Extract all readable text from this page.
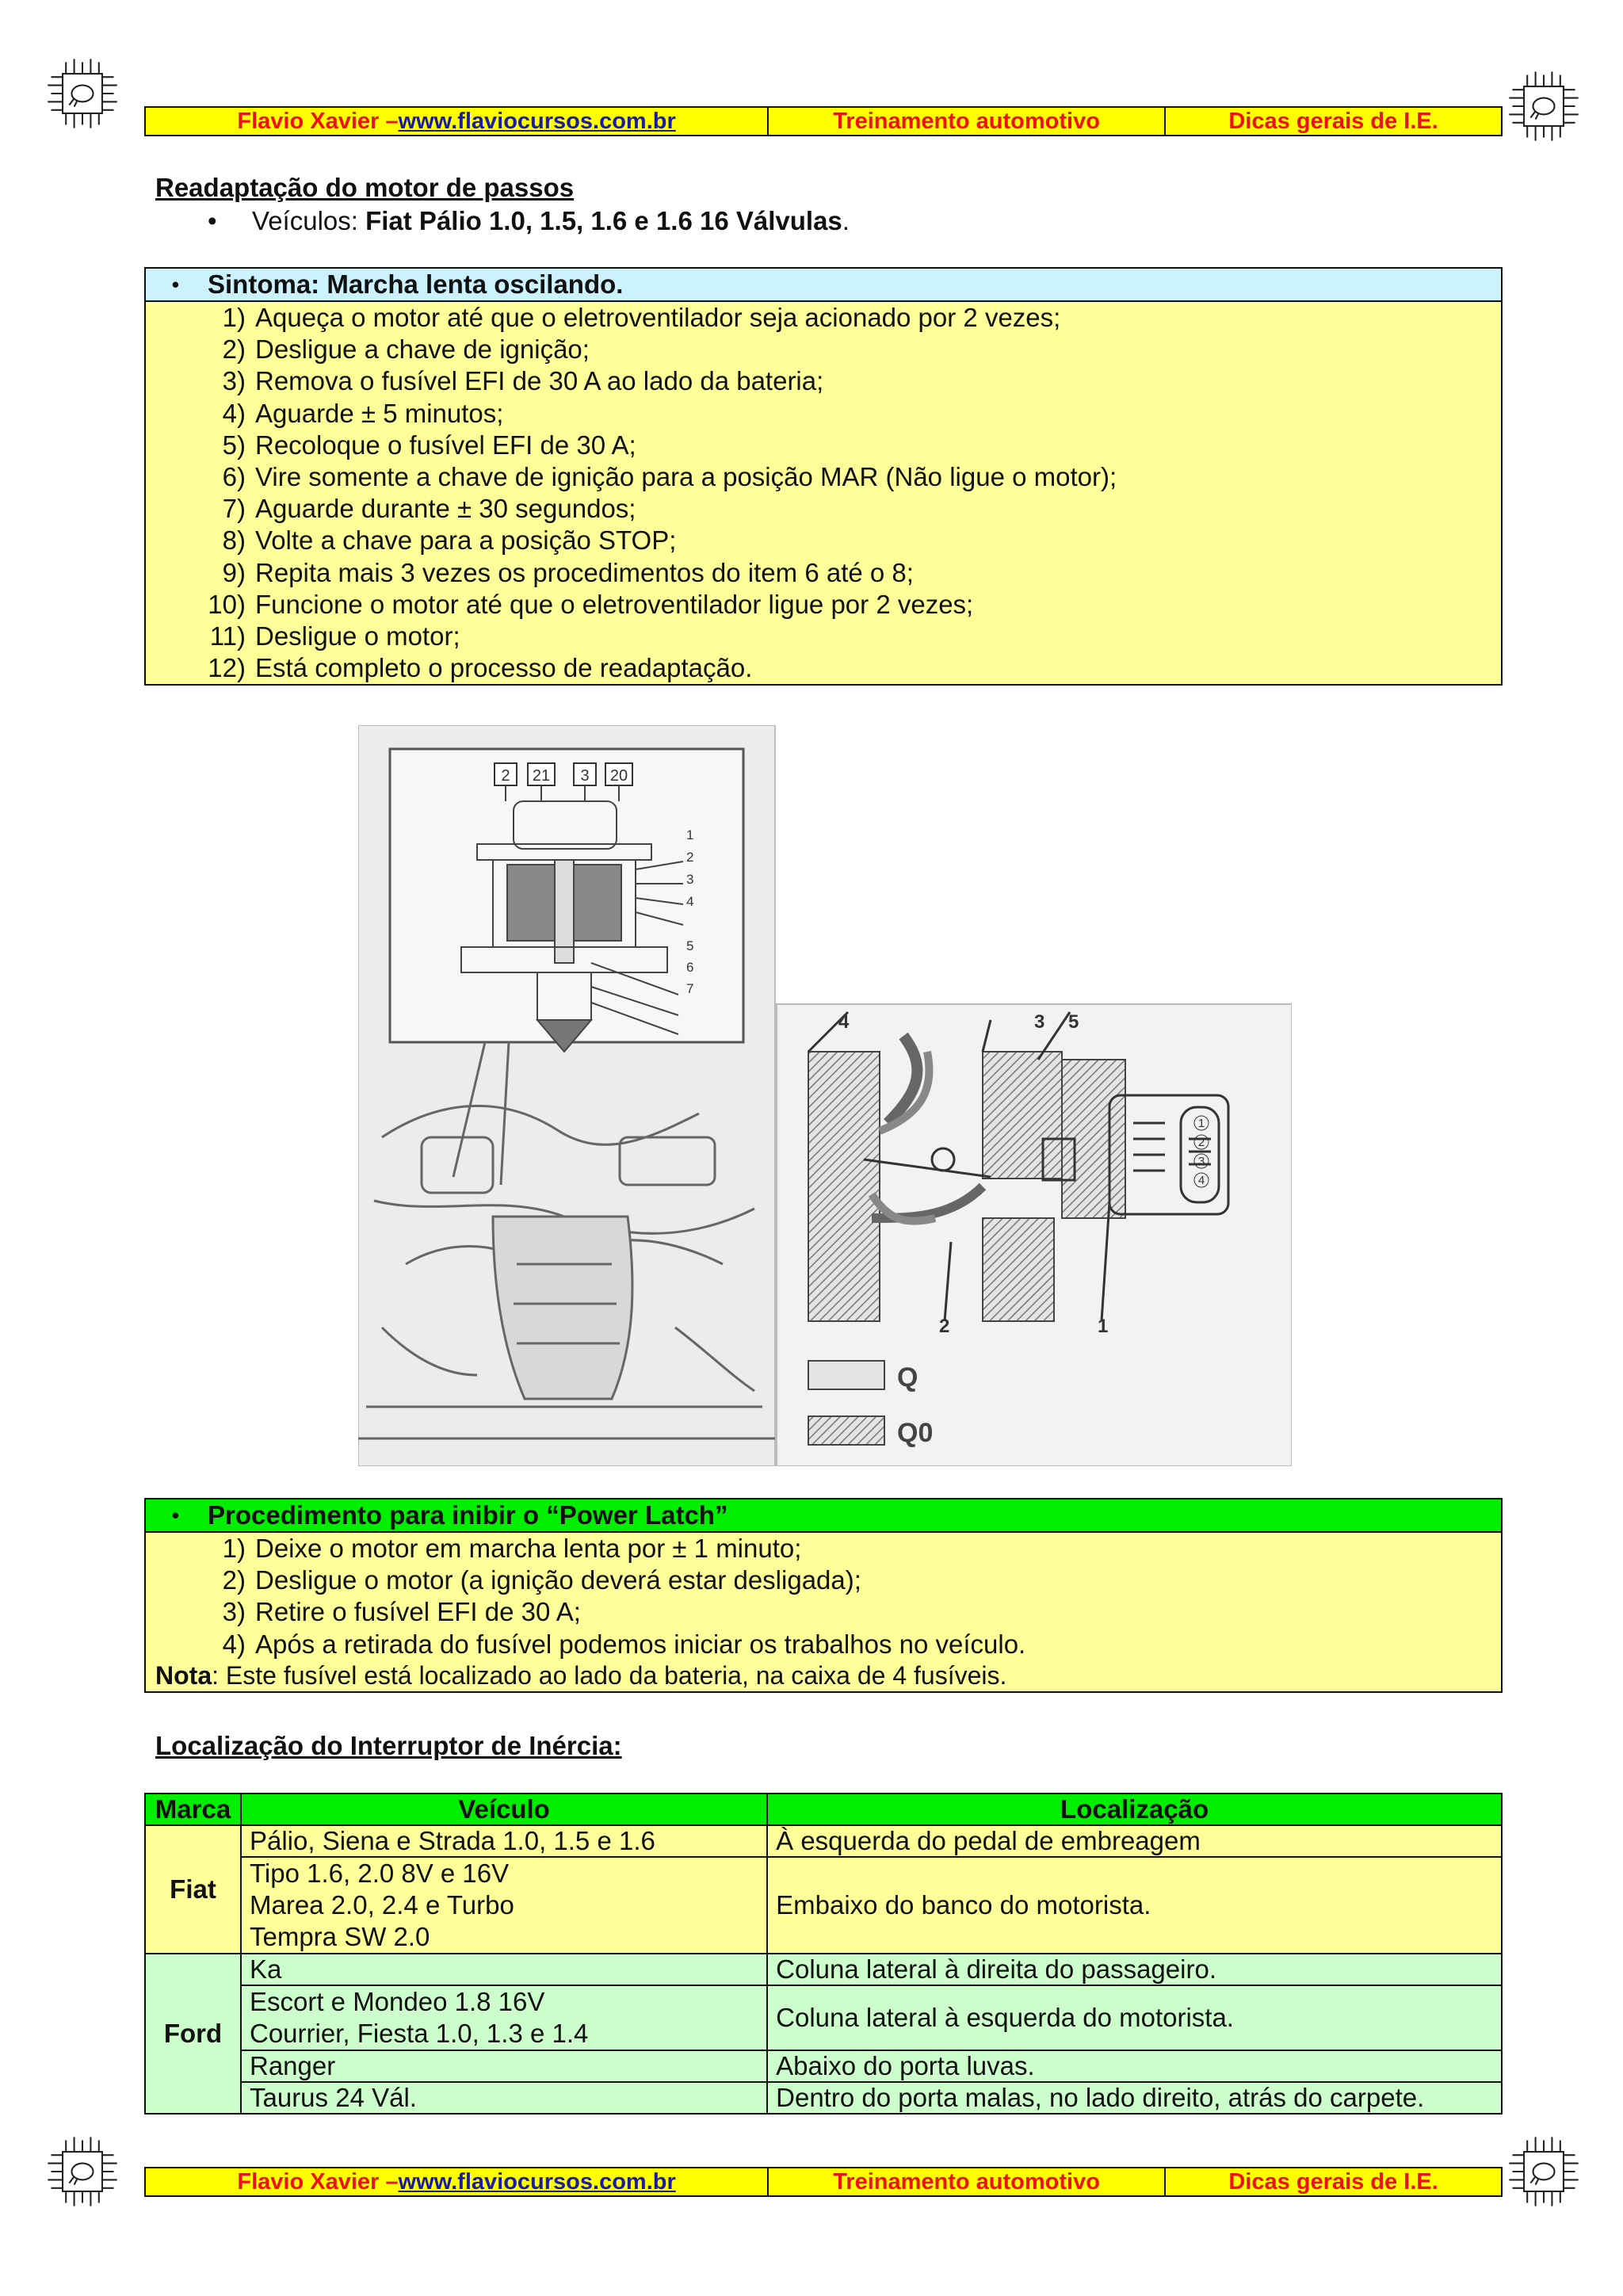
Flavio Xavier – www.flaviocursos.com.br	Treinamento automotivo	Dicas gerais de I.E.
Readaptação do motor de passos
• Veículos: Fiat Pálio 1.0, 1.5, 1.6 e 1.6 16 Válvulas.
•	Sintoma: Marcha lenta oscilando.
1) Aqueça o motor até que o eletroventilador seja acionado por 2 vezes;
2) Desligue a chave de ignição;
3) Remova o fusível EFI de 30 A ao lado da bateria;
4) Aguarde ± 5 minutos;
5) Recoloque o fusível EFI de 30 A;
6) Vire somente a chave de ignição para a posição MAR (Não ligue o motor);
7) Aguarde durante ± 30 segundos;
8) Volte a chave para a posição STOP;
9) Repita mais 3 vezes os procedimentos do item 6 até o 8;
10) Funcione o motor até que o eletroventilador ligue por 2 vezes;
11) Desligue o motor;
12) Está completo o processo de readaptação.
2 21 3 20
1
2
3
4
5
6
7
4	3 5
2	1
1
2
3
4
Q
Q0
•	Procedimento para inibir o “Power Latch”
1) Deixe o motor em marcha lenta por ± 1 minuto;
2) Desligue o motor (a ignição deverá estar desligada);
3) Retire o fusível EFI de 30 A;
4) Após a retirada do fusível podemos iniciar os trabalhos no veículo.
Nota : Este fusível está localizado ao lado da bateria, na caixa de 4 fusíveis.
Localização do Interruptor de Inércia:
Marca	Veículo	Localização
Fiat	Pálio, Siena e Strada 1.0, 1.5 e 1.6	À esquerda do pedal de embreagem

	Tipo 1.6, 2.0 8V e 16V
Marea 2.0, 2.4 e Turbo
Tempra SW 2.0	Embaixo do banco do motorista.
Ford	Ka	Coluna lateral à direita do passageiro.

	Escort e Mondeo 1.8 16V
Courrier, Fiesta 1.0, 1.3 e 1.4	Coluna lateral à esquerda do motorista.
	Ranger	Abaixo do porta luvas.
	Taurus 24 Vál.	Dentro do porta malas, no lado direito, atrás do carpete.
Flavio Xavier – www.flaviocursos.com.br	Treinamento automotivo	Dicas gerais de I.E.
